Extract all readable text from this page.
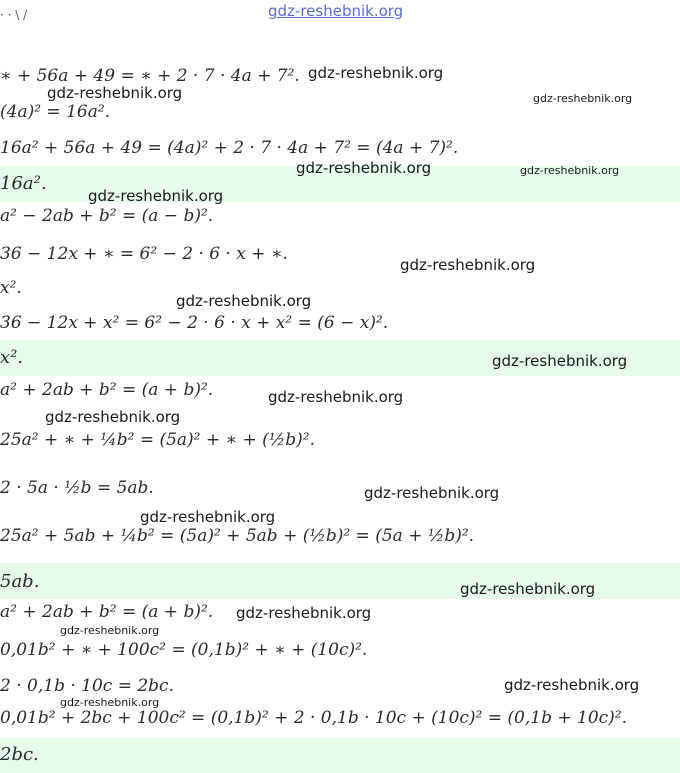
· · \ /	gdz-reshebnik.org
∗ + 56a + 49 = ∗ + 2 · 7 · 4a + 7².
(4a)² = 16a².
16a² + 56a + 49 = (4a)² + 2 · 7 · 4a + 7² = (4a + 7)².
16a².
a² − 2ab + b² = (a − b)².
36 − 12x + ∗ = 6² − 2 · 6 · x + ∗.
x².
36 − 12x + x² = 6² − 2 · 6 · x + x² = (6 − x)².
x².
a² + 2ab + b² = (a + b)².
25a² + ∗ + ¼b² = (5a)² + ∗ + (½b)².
2 · 5a · ½b = 5ab.
25a² + 5ab + ¼b² = (5a)² + 5ab + (½b)² = (5a + ½b)².
5ab.
a² + 2ab + b² = (a + b)².
0,01b² + ∗ + 100c² = (0,1b)² + ∗ + (10c)².
2 · 0,1b · 10c = 2bc.
0,01b² + 2bc + 100c² = (0,1b)² + 2 · 0,1b · 10c + (10c)² = (0,1b + 10c)².
2bc.
gdz-reshebnik.org
gdz-reshebnik.org	gdz-reshebnik.org
gdz-reshebnik.org	gdz-reshebnik.org
gdz-reshebnik.org
gdz-reshebnik.org
gdz-reshebnik.org
gdz-reshebnik.org
gdz-reshebnik.org
gdz-reshebnik.org
gdz-reshebnik.org
gdz-reshebnik.org
gdz-reshebnik.org
gdz-reshebnik.org
gdz-reshebnik.org
gdz-reshebnik.org
gdz-reshebnik.org
